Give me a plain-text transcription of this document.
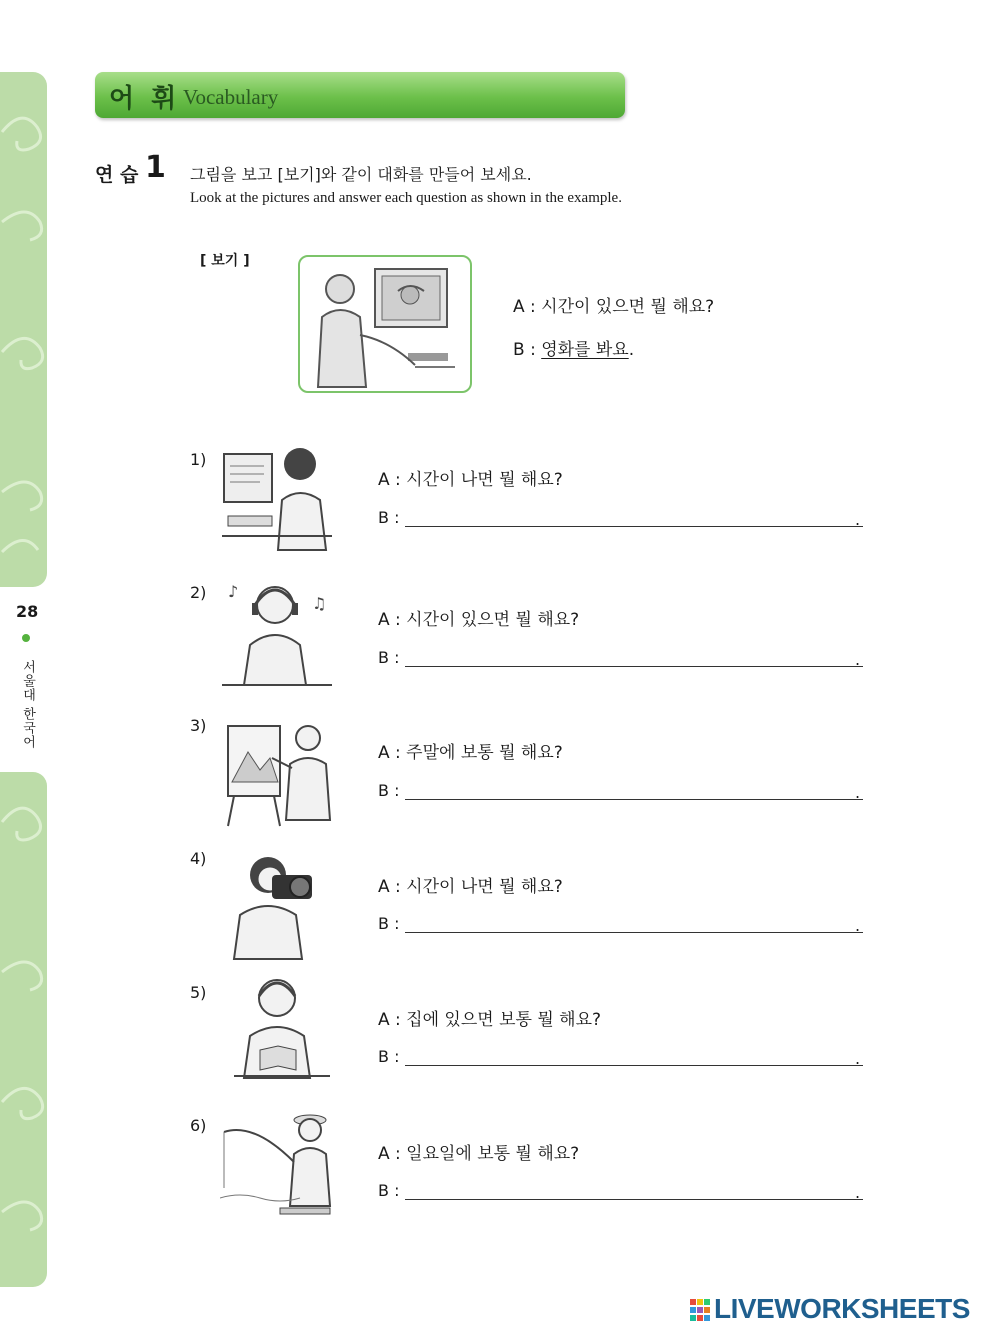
28
서울대 한국어
어 휘 Vocabulary
연 습 1 그림을 보고 [보기]와 같이 대화를 만들어 보세요.
Look at the pictures and answer each question as shown in the example.
[ 보기 ]
A : 시간이 있으면 뭘 해요?
B : 영화를 봐요.
1)
A : 시간이 나면 뭘 해요?
B :	.
2) ♪
♫
A : 시간이 있으면 뭘 해요?
B :	.
3)
A : 주말에 보통 뭘 해요?
B :	.
4)
A : 시간이 나면 뭘 해요?
B :	.
5)
A : 집에 있으면 보통 뭘 해요?
B :	.
6)
A : 일요일에 보통 뭘 해요?
B :	.
LIVEWORKSHEETS
